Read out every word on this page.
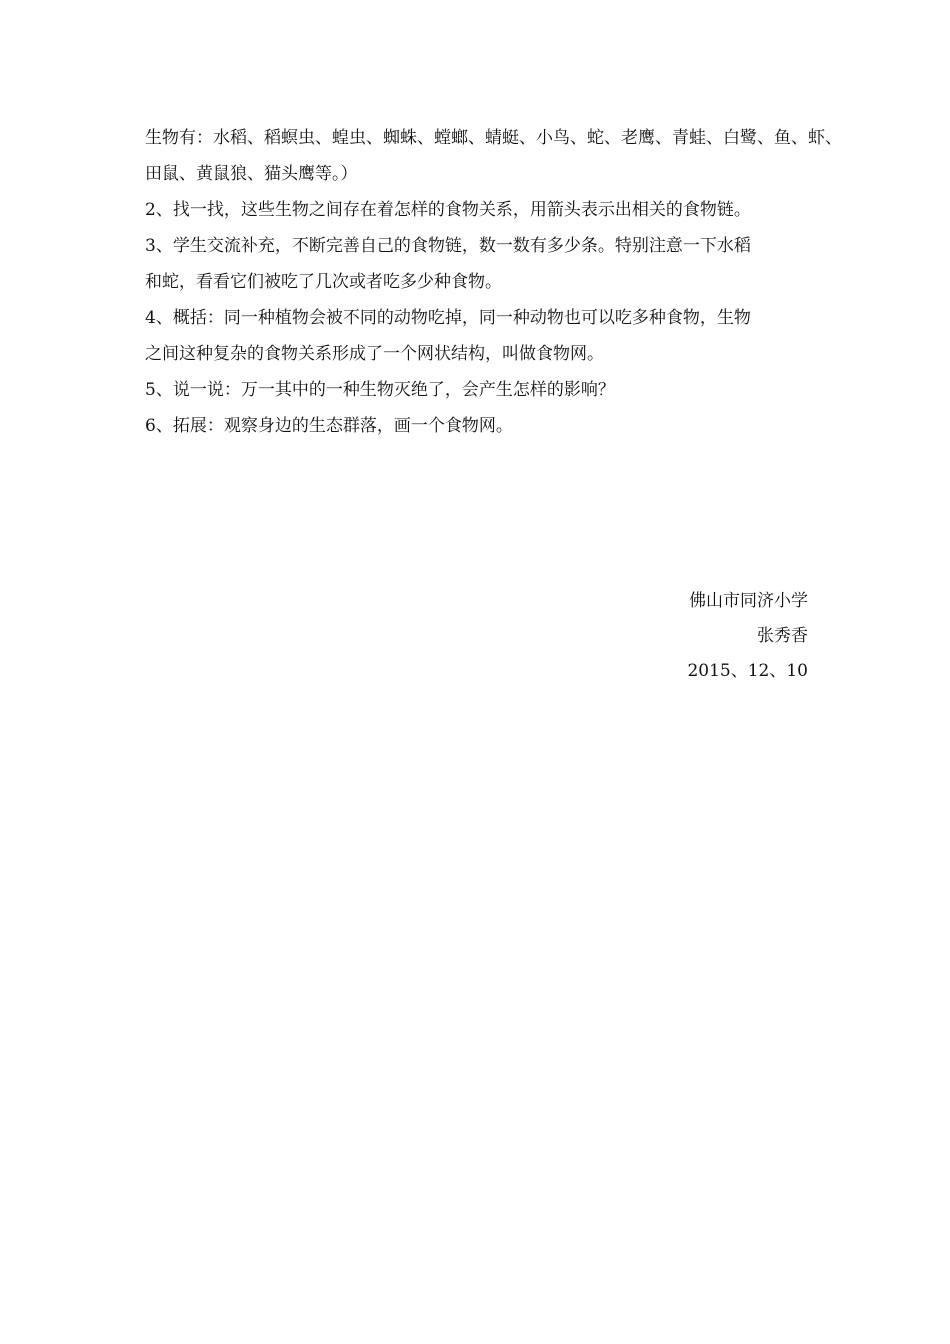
生物有：水稻、稻螟虫、蝗虫、蜘蛛、螳螂、蜻蜓、小鸟、蛇、老鹰、青蛙、白鹭、鱼、虾、

田鼠、黄鼠狼、猫头鹰等。）

2、找一找，这些生物之间存在着怎样的食物关系，用箭头表示出相关的食物链。

3、学生交流补充，不断完善自己的食物链，数一数有多少条。特别注意一下水稻

和蛇，看看它们被吃了几次或者吃多少种食物。

4、概括：同一种植物会被不同的动物吃掉，同一种动物也可以吃多种食物，生物

之间这种复杂的食物关系形成了一个网状结构，叫做食物网。

5、说一说：万一其中的一种生物灭绝了，会产生怎样的影响？

6、拓展：观察身边的生态群落，画一个食物网。

佛山市同济小学

张秀香

2015、12、10
